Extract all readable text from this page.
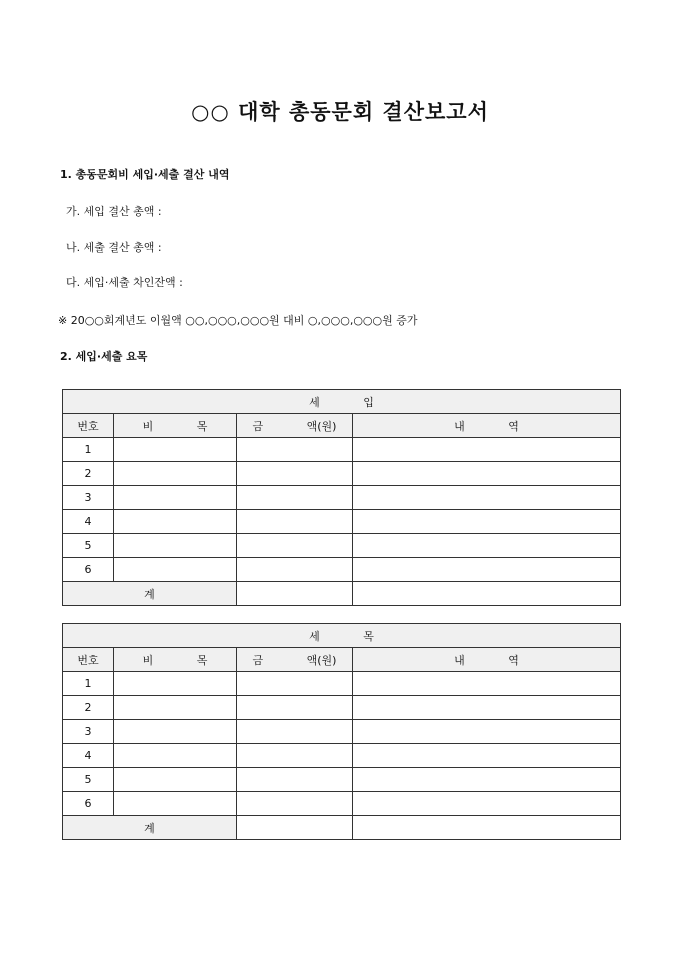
○○ 대학 총동문회 결산보고서
1. 총동문회비 세입·세출 결산 내역
가. 세입 결산 총액 :
나. 세출 결산 총액 :
다. 세입·세출 차인잔액 :
※ 20○○회계년도 이월액 ○○,○○○,○○○원 대비 ○,○○○,○○○원 증가
2. 세입·세출 요목
세 입			
번호	비 목	금 액(원)	내 역
1			
2			
3			
4			
5			
6			
계			
세 목			
번호	비 목	금 액(원)	내 역
1			
2			
3			
4			
5			
6			
계			
